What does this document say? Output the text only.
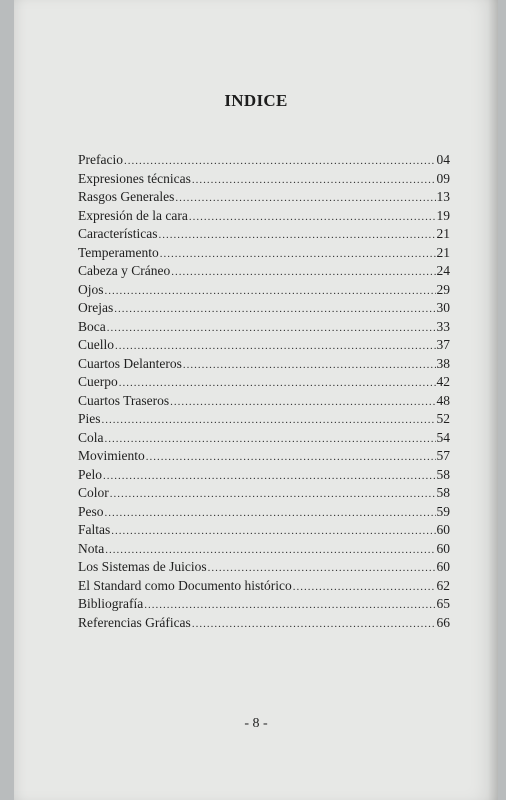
INDICE
Prefacio .....	04
Expresiones técnicas .....	09
Rasgos Generales .....	13
Expresión de la cara .....	19
Características .....	21
Temperamento .....	21
Cabeza y Cráneo .....	24
Ojos .....	29
Orejas .....	30
Boca .....	33
Cuello .....	37
Cuartos Delanteros .....	38
Cuerpo .....	42
Cuartos Traseros .....	48
Pies .....	52
Cola .....	54
Movimiento .....	57
Pelo .....	58
Color .....	58
Peso .....	59
Faltas .....	60
Nota .....	60
Los Sistemas de Juicios .....	60
El Standard como Documento histórico .....	62
Bibliografía .....	65
Referencias Gráficas .....	66
- 8 -
